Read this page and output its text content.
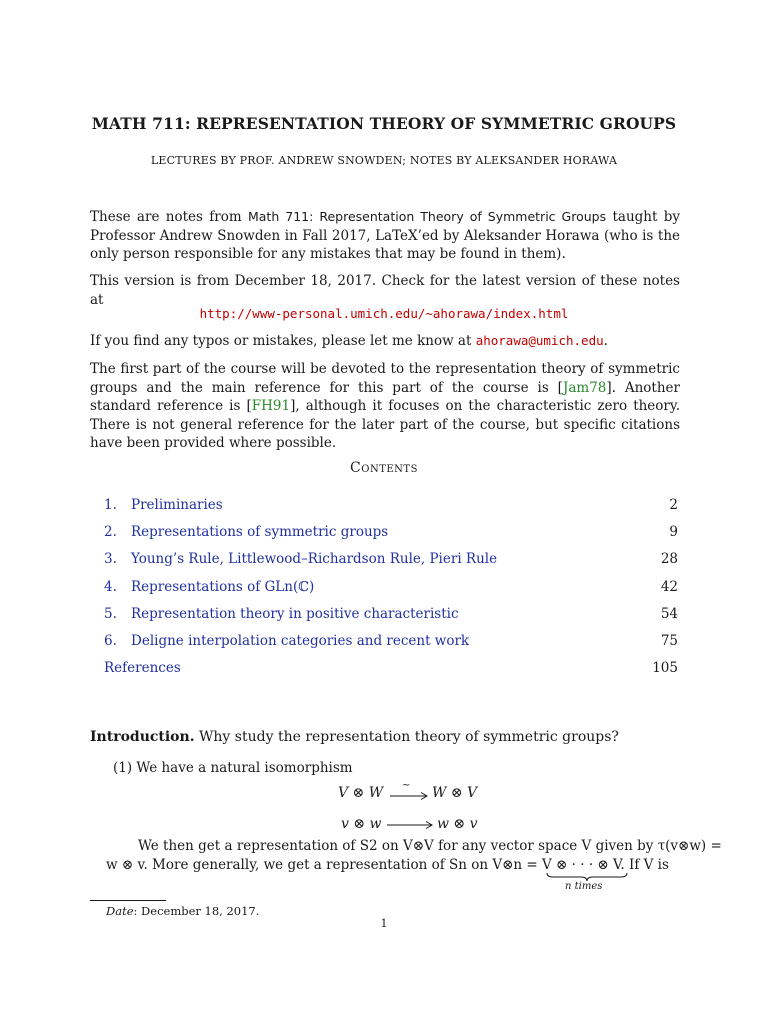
MATH 711: REPRESENTATION THEORY OF SYMMETRIC GROUPS
LECTURES BY PROF. ANDREW SNOWDEN; NOTES BY ALEKSANDER HORAWA
These are notes from Math 711: Representation Theory of Symmetric Groups taught by Professor Andrew Snowden in Fall 2017, LaTeX’ed by Aleksander Horawa (who is the only person responsible for any mistakes that may be found in them).
This version is from December 18, 2017. Check for the latest version of these notes at
http://www-personal.umich.edu/~ahorawa/index.html
If you find any typos or mistakes, please let me know at ahorawa@umich.edu.
The first part of the course will be devoted to the representation theory of symmetric groups and the main reference for this part of the course is [Jam78]. Another standard reference is [FH91], although it focuses on the characteristic zero theory. There is not general reference for the later part of the course, but specific citations have been provided where possible.
Contents
1. Preliminaries	2
2. Representations of symmetric groups	9
3. Young’s Rule, Littlewood–Richardson Rule, Pieri Rule	28
4. Representations of GLn(ℂ)	42
5. Representation theory in positive characteristic	54
6. Deligne interpolation categories and recent work	75
References	105
Introduction. Why study the representation theory of symmetric groups?
(1) We have a natural isomorphism
V ⊗ W ∼ W ⊗ V
v ⊗ w	w ⊗ v
We then get a representation of S2 on V⊗V for any vector space V given by τ(v⊗w) =
w ⊗ v. More generally, we get a representation of Sn on V⊗n = V ⊗ · · · ⊗ V. If V is
n times
Date: December 18, 2017.
1
